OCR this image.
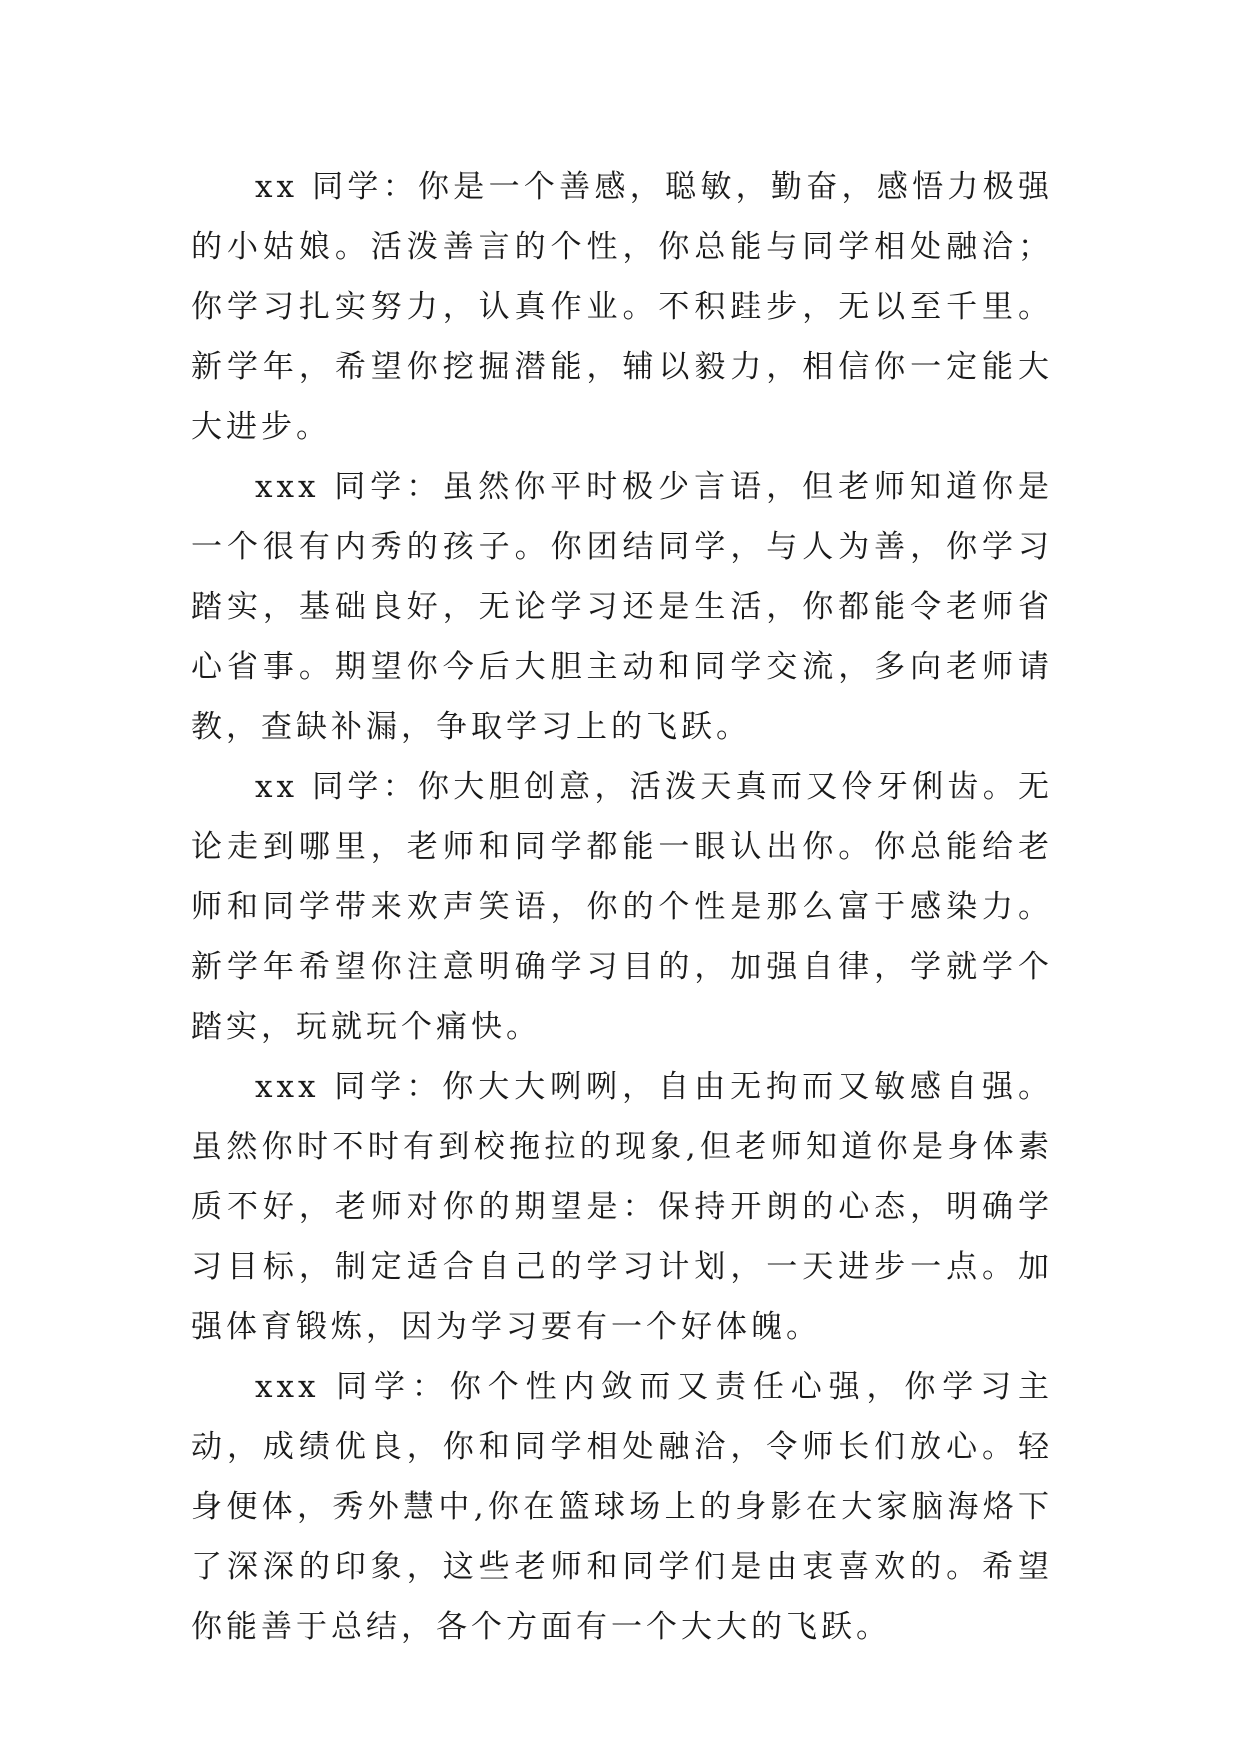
xx 同学：你是一个善感，聪敏，勤奋，感悟力极强的小姑娘。活泼善言的个性，你总能与同学相处融洽；你学习扎实努力，认真作业。不积跬步，无以至千里。新学年，希望你挖掘潜能，辅以毅力，相信你一定能大大进步。

xxx 同学：虽然你平时极少言语，但老师知道你是一个很有内秀的孩子。你团结同学，与人为善，你学习踏实，基础良好，无论学习还是生活，你都能令老师省心省事。期望你今后大胆主动和同学交流，多向老师请教，查缺补漏，争取学习上的飞跃。

xx 同学：你大胆创意，活泼天真而又伶牙俐齿。无论走到哪里，老师和同学都能一眼认出你。你总能给老师和同学带来欢声笑语，你的个性是那么富于感染力。新学年希望你注意明确学习目的，加强自律，学就学个踏实，玩就玩个痛快。

xxx 同学：你大大咧咧，自由无拘而又敏感自强。虽然你时不时有到校拖拉的现象,但老师知道你是身体素质不好，老师对你的期望是：保持开朗的心态，明确学习目标，制定适合自己的学习计划，一天进步一点。加强体育锻炼，因为学习要有一个好体魄。

xxx 同学：你个性内敛而又责任心强，你学习主动，成绩优良，你和同学相处融洽，令师长们放心。轻身便体，秀外慧中,你在篮球场上的身影在大家脑海烙下了深深的印象，这些老师和同学们是由衷喜欢的。希望你能善于总结，各个方面有一个大大的飞跃。
